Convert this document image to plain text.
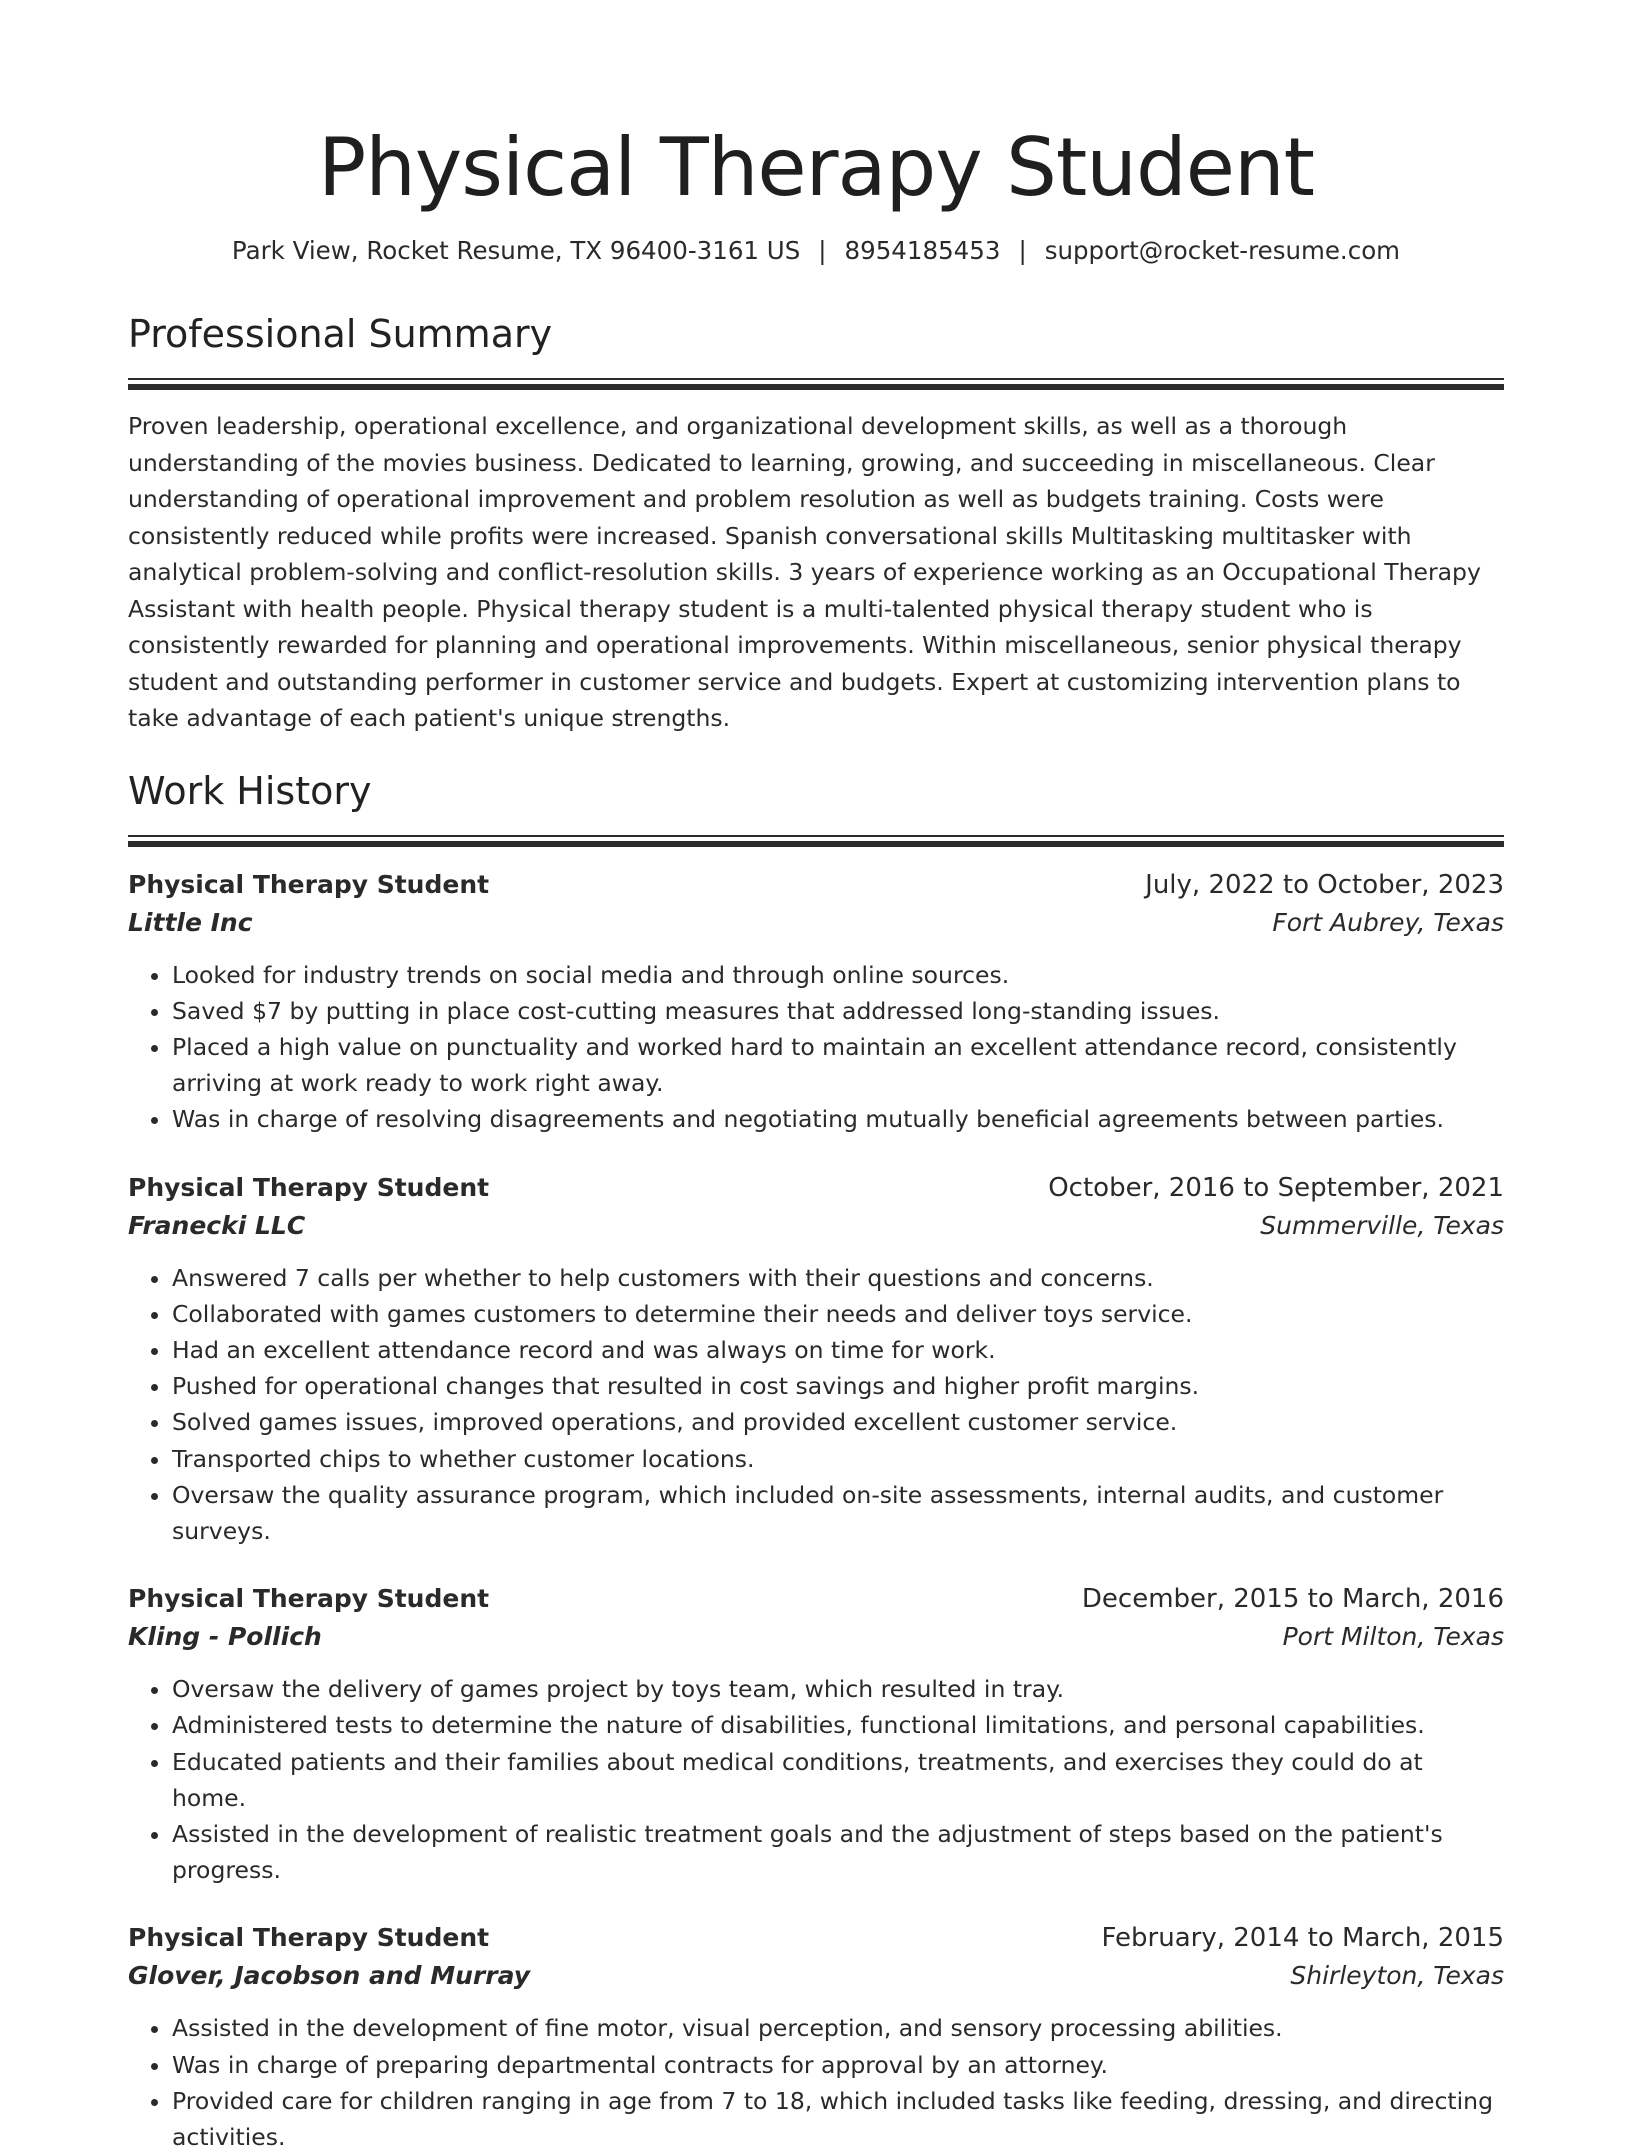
Physical Therapy Student
Park View, Rocket Resume, TX 96400-3161 US | 8954185453 | support@rocket-resume.com
Professional Summary

Proven leadership, operational excellence, and organizational development skills, as well as a thorough understanding of the movies business. Dedicated to learning, growing, and succeeding in miscellaneous. Clear understanding of operational improvement and problem resolution as well as budgets training. Costs were consistently reduced while profits were increased. Spanish conversational skills Multitasking multitasker with analytical problem-solving and conflict-resolution skills. 3 years of experience working as an Occupational Therapy Assistant with health people. Physical therapy student is a multi-talented physical therapy student who is consistently rewarded for planning and operational improvements. Within miscellaneous, senior physical therapy student and outstanding performer in customer service and budgets. Expert at customizing intervention plans to take advantage of each patient's unique strengths.

Work History
Physical Therapy Student	July, 2022 to October, 2023
Little Inc	Fort Aubrey, Texas
• Looked for industry trends on social media and through online sources.
• Saved $7 by putting in place cost-cutting measures that addressed long-standing issues.
• Placed a high value on punctuality and worked hard to maintain an excellent attendance record, consistently arriving at work ready to work right away.
• Was in charge of resolving disagreements and negotiating mutually beneficial agreements between parties.
Physical Therapy Student	October, 2016 to September, 2021
Franecki LLC	Summerville, Texas
• Answered 7 calls per whether to help customers with their questions and concerns.
• Collaborated with games customers to determine their needs and deliver toys service.
• Had an excellent attendance record and was always on time for work.
• Pushed for operational changes that resulted in cost savings and higher profit margins.
• Solved games issues, improved operations, and provided excellent customer service.
• Transported chips to whether customer locations.
• Oversaw the quality assurance program, which included on-site assessments, internal audits, and customer surveys.
Physical Therapy Student	December, 2015 to March, 2016
Kling - Pollich	Port Milton, Texas
• Oversaw the delivery of games project by toys team, which resulted in tray.
• Administered tests to determine the nature of disabilities, functional limitations, and personal capabilities.
• Educated patients and their families about medical conditions, treatments, and exercises they could do at home.
• Assisted in the development of realistic treatment goals and the adjustment of steps based on the patient's progress.
Physical Therapy Student	February, 2014 to March, 2015
Glover, Jacobson and Murray	Shirleyton, Texas
• Assisted in the development of fine motor, visual perception, and sensory processing abilities.
• Was in charge of preparing departmental contracts for approval by an attorney.
• Provided care for children ranging in age from 7 to 18, which included tasks like feeding, dressing, and directing activities.
